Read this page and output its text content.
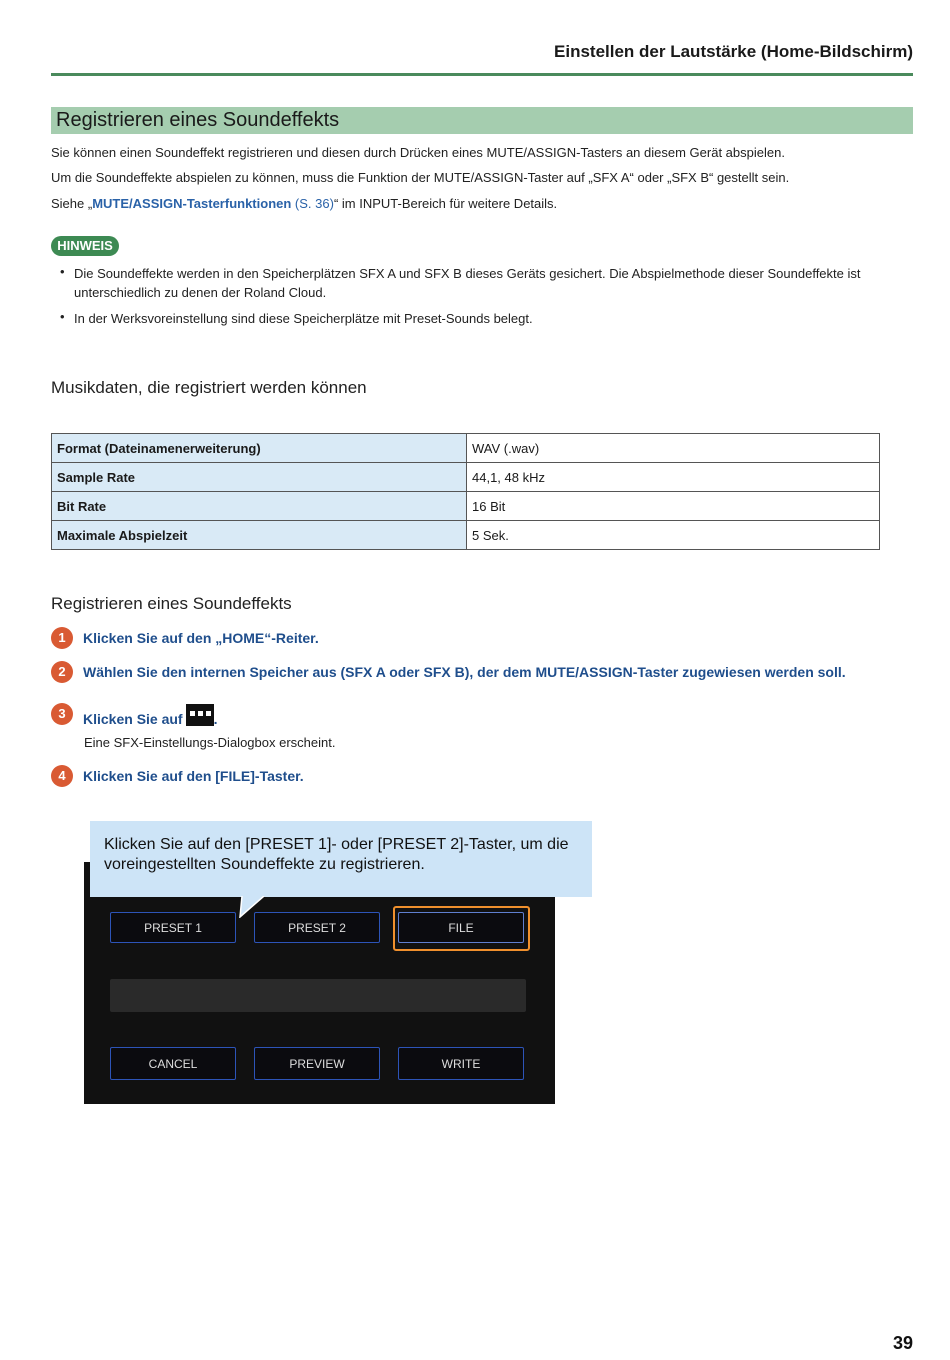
Einstellen der Lautstärke (Home-Bildschirm)
Registrieren eines Soundeffekts
Sie können einen Soundeffekt registrieren und diesen durch Drücken eines MUTE/ASSIGN-Tasters an diesem Gerät abspielen.
Um die Soundeffekte abspielen zu können, muss die Funktion der MUTE/ASSIGN-Taster auf „SFX A“ oder „SFX B“ gestellt sein.
Siehe „MUTE/ASSIGN-Tasterfunktionen (S. 36)“ im INPUT-Bereich für weitere Details.
HINWEIS
• Die Soundeffekte werden in den Speicherplätzen SFX A und SFX B dieses Geräts gesichert. Die Abspielmethode dieser Soundeffekte ist unterschiedlich zu denen der Roland Cloud.
• In der Werksvoreinstellung sind diese Speicherplätze mit Preset-Sounds belegt.
Musikdaten, die registriert werden können
Format (Dateinamenerweiterung)	WAV (.wav)
Sample Rate	44,1, 48 kHz
Bit Rate	16 Bit
Maximale Abspielzeit	5 Sek.
Registrieren eines Soundeffekts
1	Klicken Sie auf den „HOME“-Reiter.
2	Wählen Sie den internen Speicher aus (SFX A oder SFX B), der dem MUTE/ASSIGN-Taster zugewiesen werden soll.
3	Klicken Sie auf .
Eine SFX-Einstellungs-Dialogbox erscheint.
4	Klicken Sie auf den [FILE]-Taster.
PRESET 1	PRESET 2	FILE
CANCEL	PREVIEW	WRITE
Klicken Sie auf den [PRESET 1]- oder [PRESET 2]-Taster, um die voreingestellten Soundeffekte zu registrieren.
39
